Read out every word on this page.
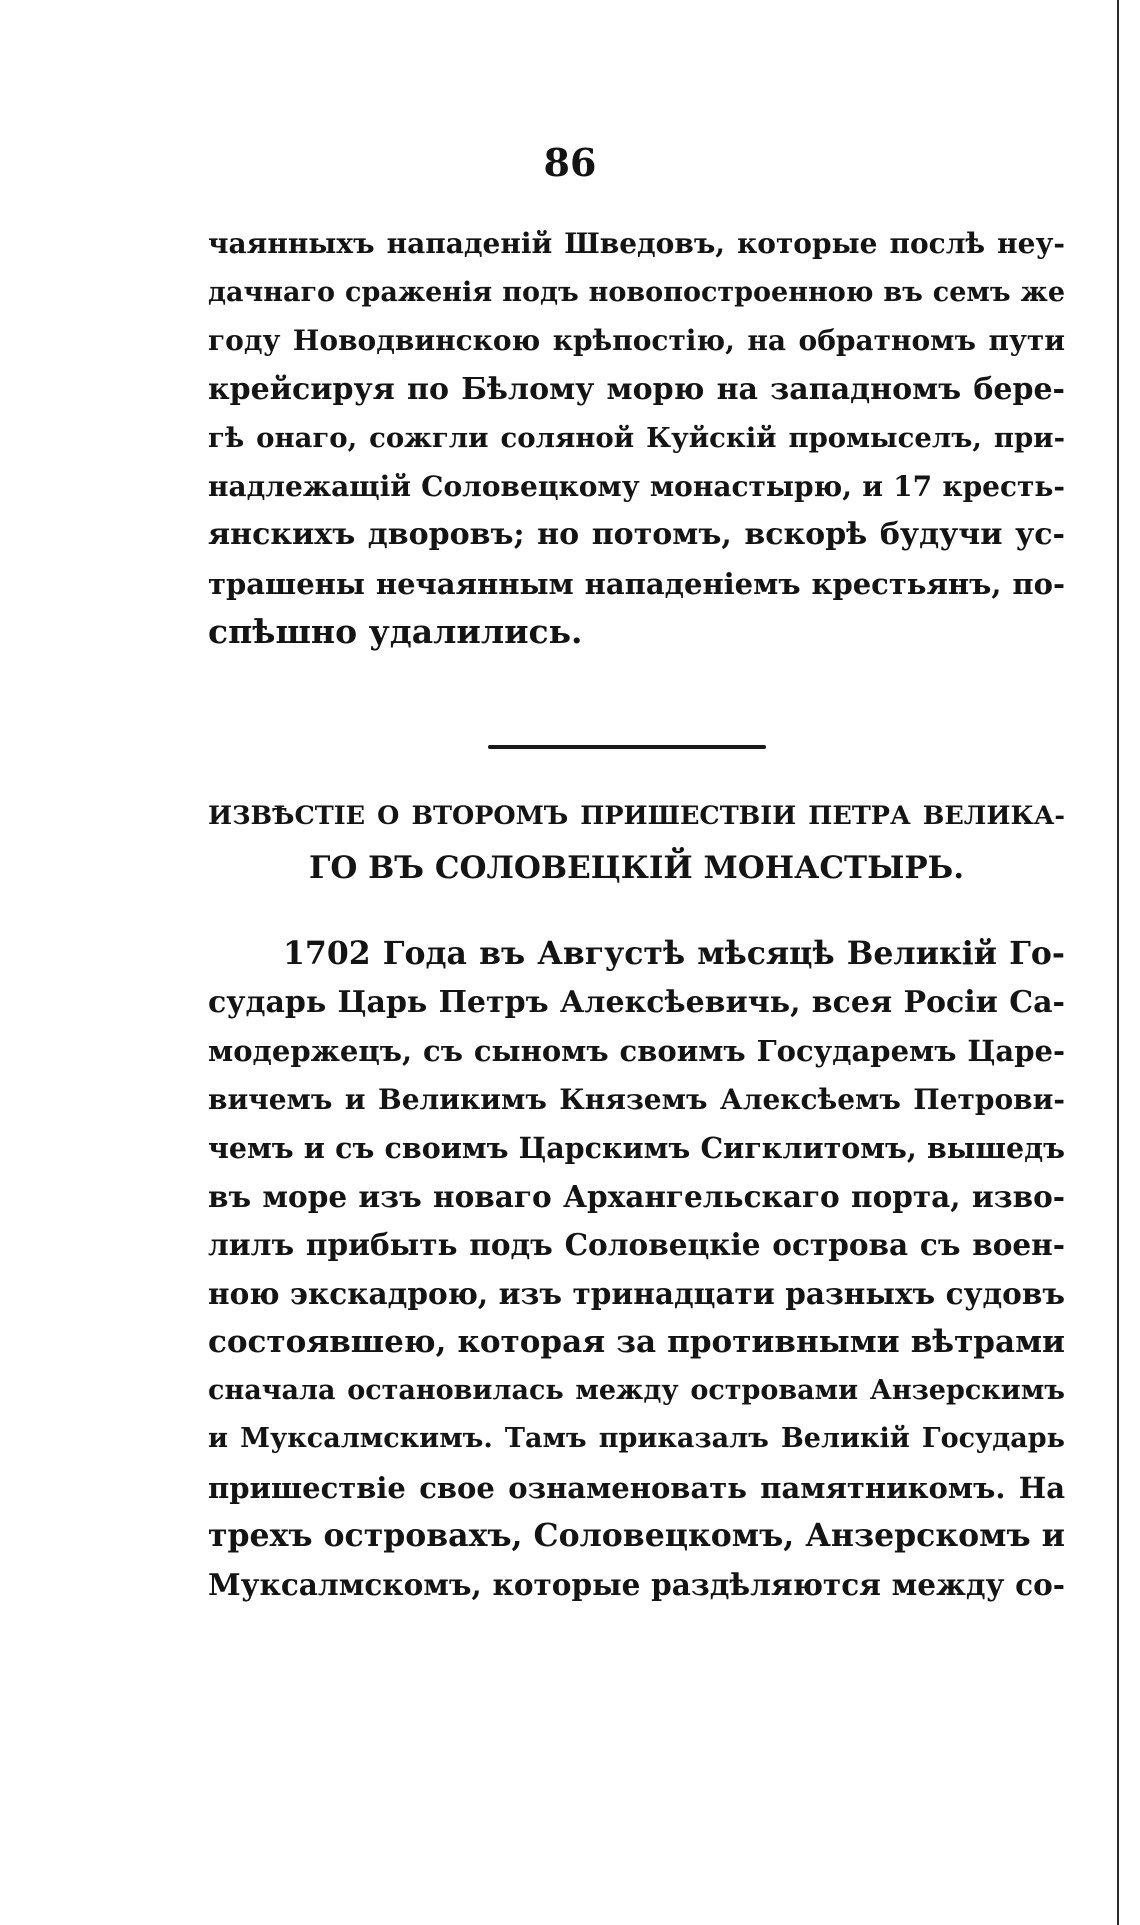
86
чаянныхъ нападенiй Шведовъ, которые послѣ неу-
дачнаго сраженiя подъ новопостроенною въ семъ же
году Новодвинскою крѣпостiю, на обратномъ пути
крейсируя по Бѣлому морю на западномъ бере-
гѣ онаго, сожгли соляной Куйскiй промыселъ, при-
надлежащiй Соловецкому монастырю, и 17 кресть-
янскихъ дворовъ; но потомъ, вскорѣ будучи ус-
трашены нечаянным нападенiемъ крестьянъ, по-
спѣшно удалились.
ИЗВѢСТIЕ О ВТОРОМЪ ПРИШЕСТВIИ ПЕТРА ВЕЛИКА-
ГО ВЪ СОЛОВЕЦКIЙ МОНАСТЫРЬ.
1702 Года въ Августѣ мѣсяцѣ Великiй Го-
сударь Царь Петръ Алексѣевичь, всея Росiи Са-
модержецъ, съ сыномъ своимъ Государемъ Царе-
вичемъ и Великимъ Княземъ Алексѣемъ Петрови-
чемъ и съ своимъ Царскимъ Сигклитомъ, вышедъ
въ море изъ новаго Архангельскаго порта, изво-
лилъ прибыть подъ Соловецкiе острова съ воен-
ною экскадрою, изъ тринадцати разныхъ судовъ
состоявшею, которая за противными вѣтрами
сначала остановилась между островами Анзерскимъ
и Муксалмскимъ. Тамъ приказалъ Великiй Государь
пришествiе свое ознаменовать памятникомъ. На
трехъ островахъ, Соловецкомъ, Анзерскомъ и
Муксалмскомъ, которые раздѣляются между со-
